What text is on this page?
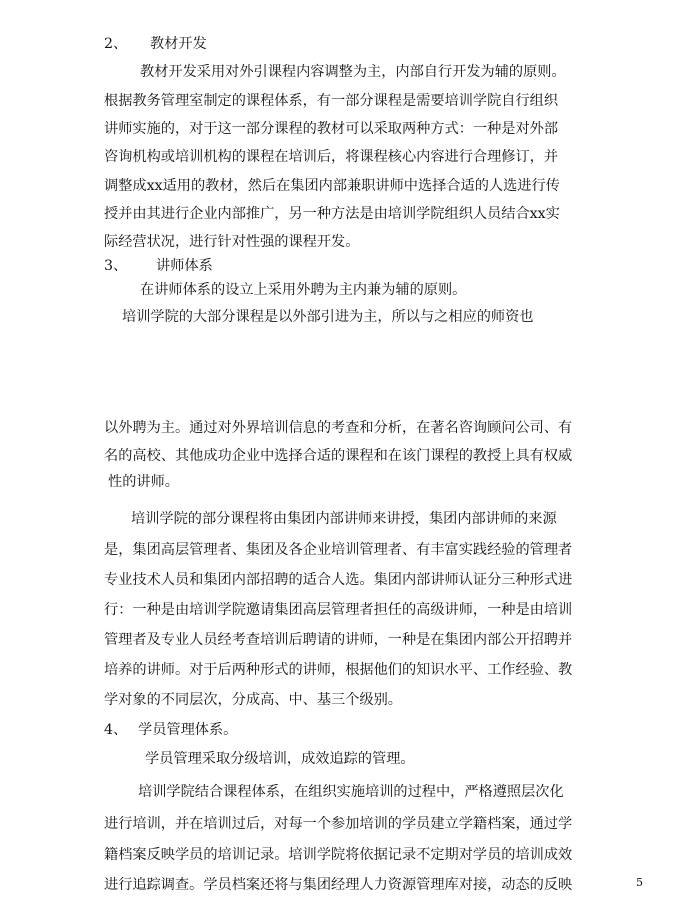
2、 教材开发
教材开发采用对外引课程内容调整为主，内部自行开发为辅的原则。
根据教务管理室制定的课程体系，有一部分课程是需要培训学院自行组织
讲师实施的，对于这一部分课程的教材可以采取两种方式：一种是对外部
咨询机构或培训机构的课程在培训后，将课程核心内容进行合理修订，并
调整成xx适用的教材，然后在集团内部兼职讲师中选择合适的人选进行传
授并由其进行企业内部推广，另一种方法是由培训学院组织人员结合xx实
际经营状况，进行针对性强的课程开发。
3、 讲师体系
在讲师体系的设立上采用外聘为主内兼为辅的原则。
培训学院的大部分课程是以外部引进为主，所以与之相应的师资也
以外聘为主。通过对外界培训信息的考查和分析，在著名咨询顾问公司、有
名的高校、其他成功企业中选择合适的课程和在该门课程的教授上具有权威
性的讲师。
培训学院的部分课程将由集团内部讲师来讲授，集团内部讲师的来源
是，集团高层管理者、集团及各企业培训管理者、有丰富实践经验的管理者
专业技术人员和集团内部招聘的适合人选。集团内部讲师认证分三种形式进
行：一种是由培训学院邀请集团高层管理者担任的高级讲师，一种是由培训
管理者及专业人员经考查培训后聘请的讲师，一种是在集团内部公开招聘并
培养的讲师。对于后两种形式的讲师，根据他们的知识水平、工作经验、教
学对象的不同层次，分成高、中、基三个级别。
4、 学员管理体系。
学员管理采取分级培训，成效追踪的管理。
培训学院结合课程体系，在组织实施培训的过程中，严格遵照层次化
进行培训，并在培训过后，对每一个参加培训的学员建立学籍档案，通过学
籍档案反映学员的培训记录。培训学院将依据记录不定期对学员的培训成效
进行追踪调查。学员档案还将与集团经理人力资源管理库对接，动态的反映	5
